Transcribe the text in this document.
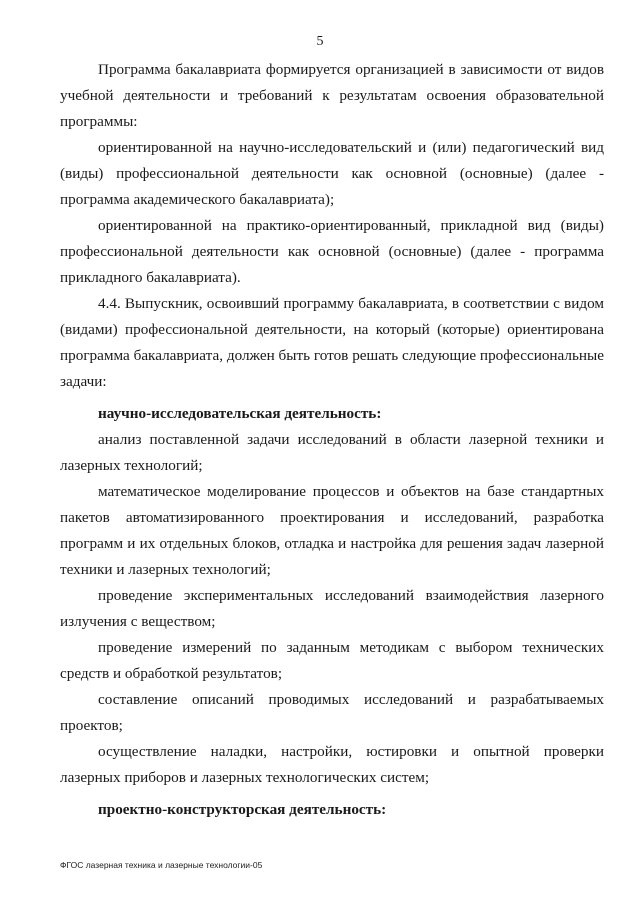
5

Программа бакалавриата формируется организацией в зависимости от видов учебной деятельности и требований к результатам освоения образовательной программы:

ориентированной на научно-исследовательский и (или) педагогический вид (виды) профессиональной деятельности как основной (основные) (далее - программа академического бакалавриата);

ориентированной на практико-ориентированный, прикладной вид (виды) профессиональной деятельности как основной (основные) (далее - программа прикладного бакалавриата).

4.4. Выпускник, освоивший программу бакалавриата, в соответствии с видом (видами) профессиональной деятельности, на который (которые) ориентирована программа бакалавриата, должен быть готов решать следующие профессиональные задачи:

научно-исследовательская деятельность:

анализ поставленной задачи исследований в области лазерной техники и лазерных технологий;

математическое моделирование процессов и объектов на базе стандартных пакетов автоматизированного проектирования и исследований, разработка программ и их отдельных блоков, отладка и настройка для решения задач лазерной техники и лазерных технологий;

проведение экспериментальных исследований взаимодействия лазерного излучения с веществом;

проведение измерений по заданным методикам с выбором технических средств и обработкой результатов;

составление описаний проводимых исследований и разрабатываемых проектов;

осуществление наладки, настройки, юстировки и опытной проверки лазерных приборов и лазерных технологических систем;

проектно-конструкторская деятельность:

ФГОС лазерная техника и лазерные технологии-05
